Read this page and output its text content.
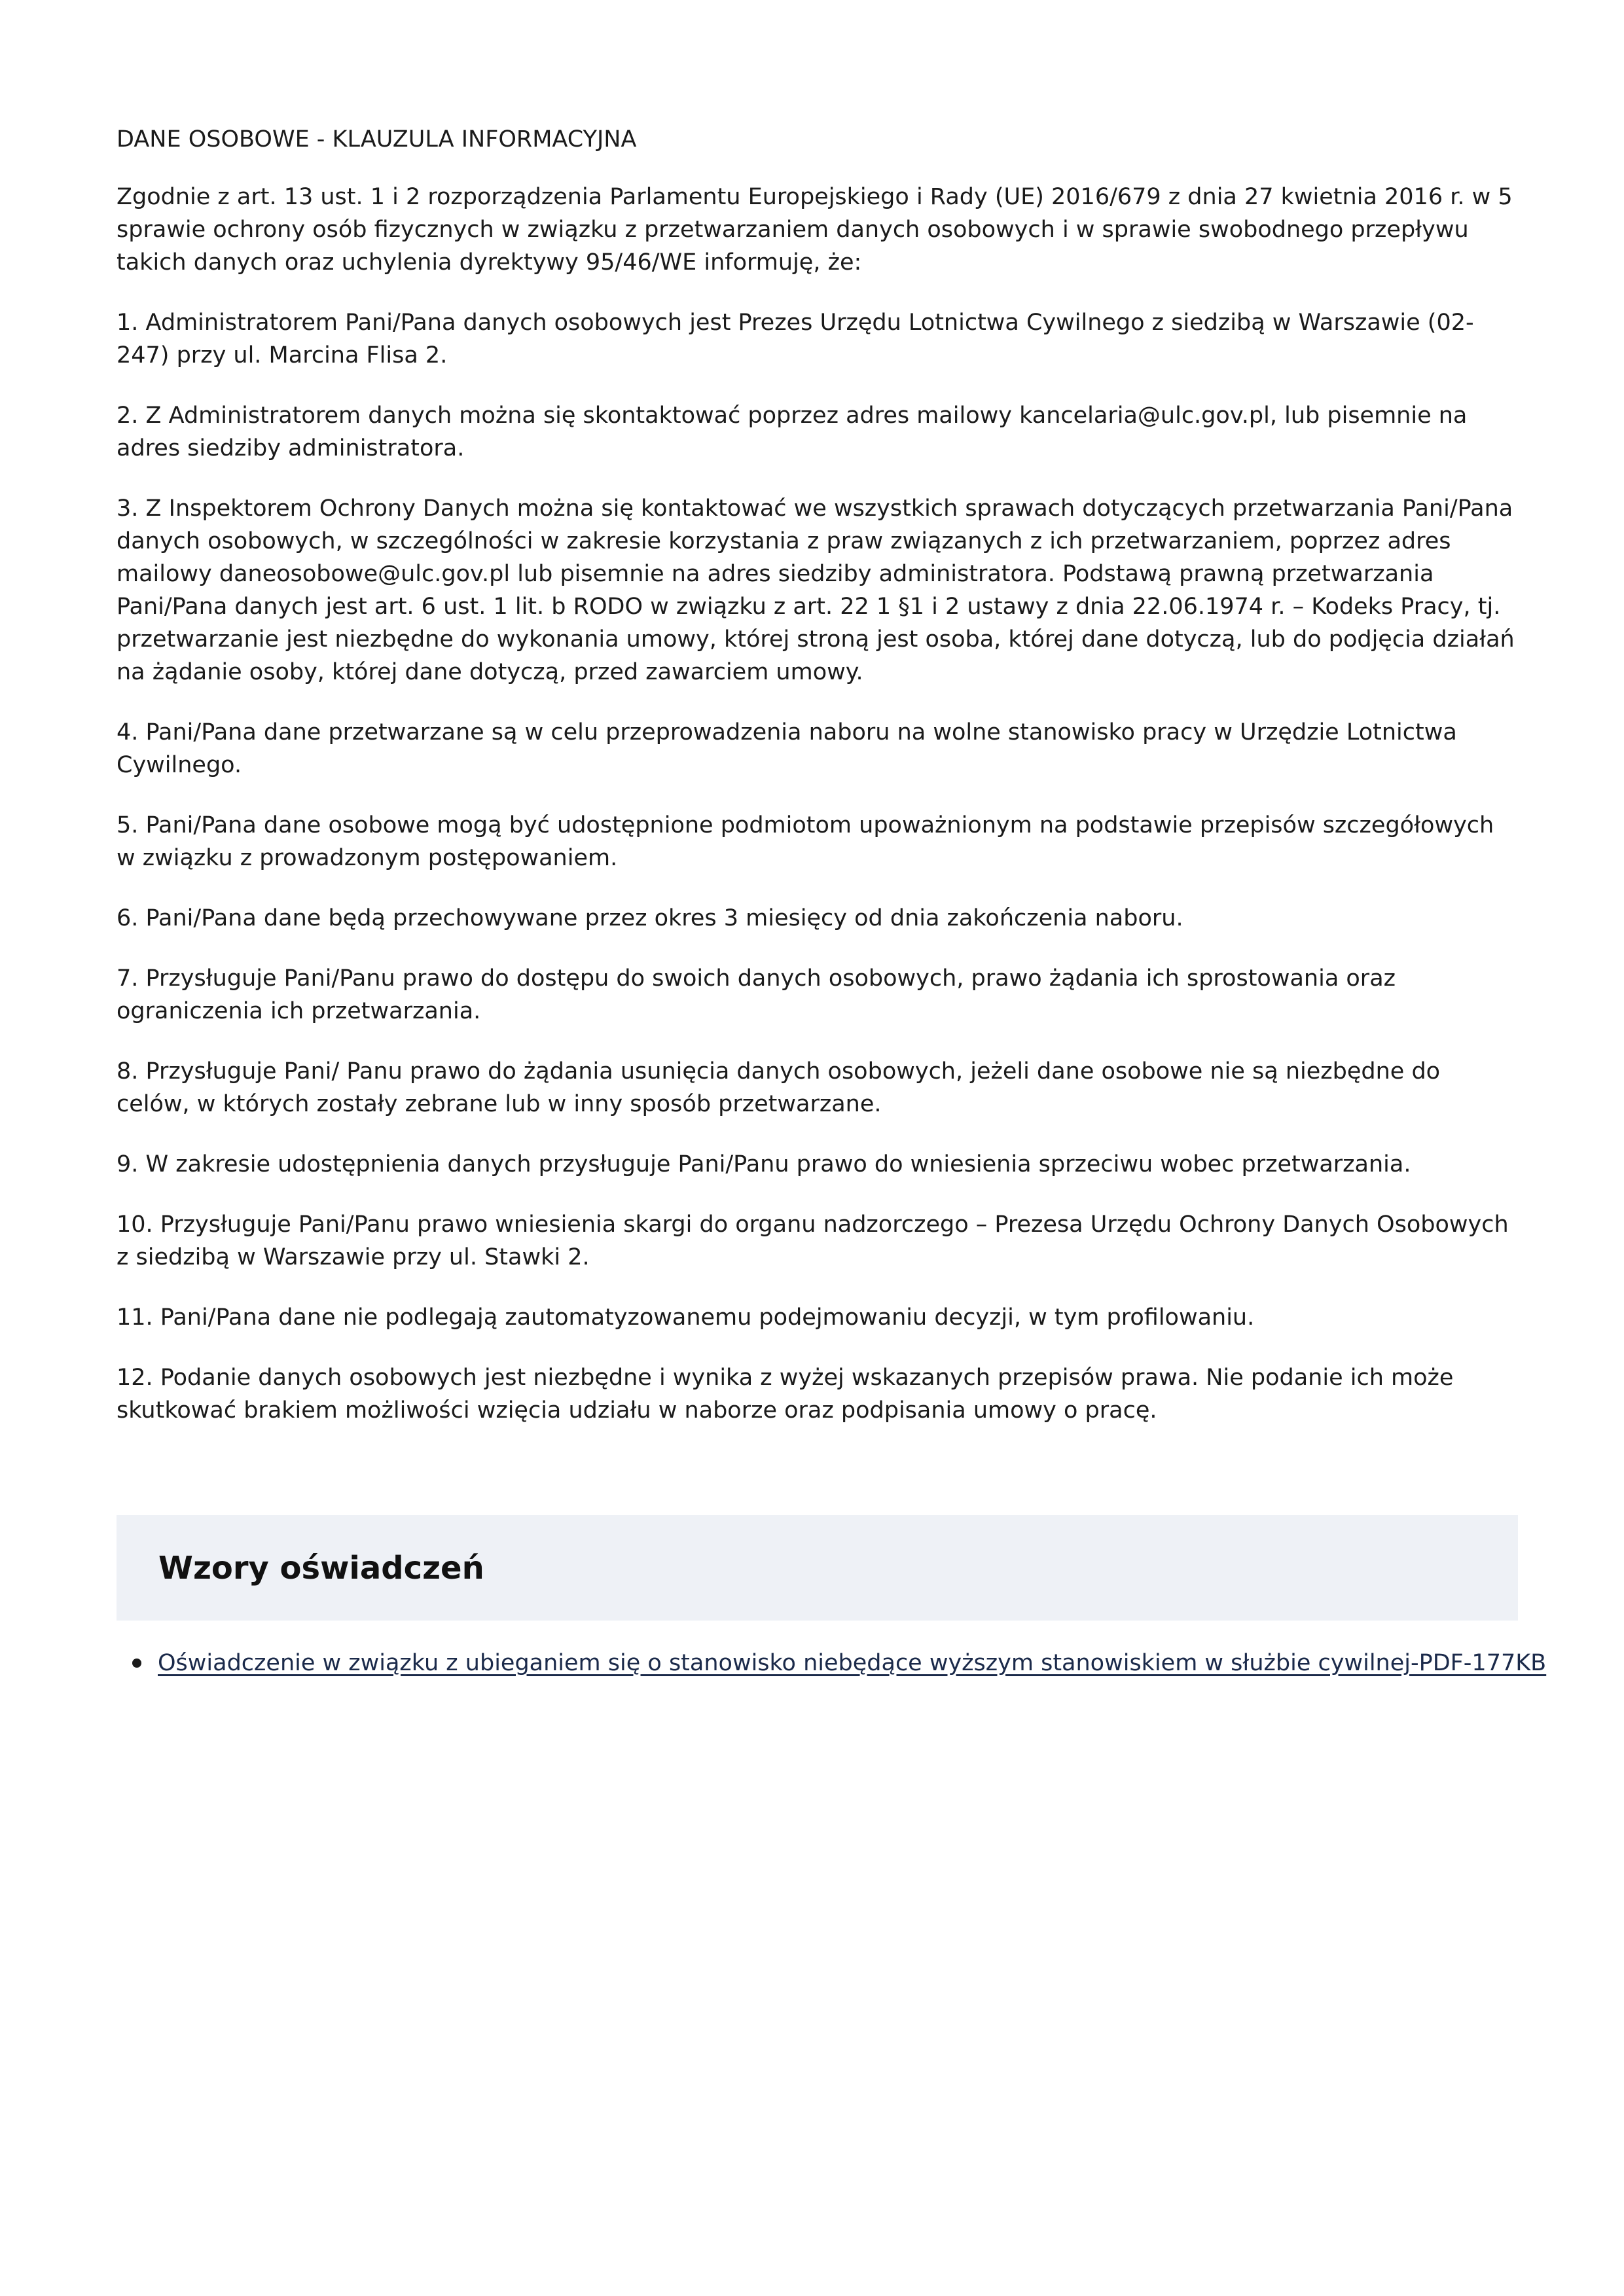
DANE OSOBOWE - KLAUZULA INFORMACYJNA

Zgodnie z art. 13 ust. 1 i 2 rozporządzenia Parlamentu Europejskiego i Rady (UE) 2016/679 z dnia 27 kwietnia 2016 r. w 5 sprawie ochrony osób fizycznych w związku z przetwarzaniem danych osobowych i w sprawie swobodnego przepływu takich danych oraz uchylenia dyrektywy 95/46/WE informuję, że:

1. Administratorem Pani/Pana danych osobowych jest Prezes Urzędu Lotnictwa Cywilnego z siedzibą w Warszawie (02-247) przy ul. Marcina Flisa 2.

2. Z Administratorem danych można się skontaktować poprzez adres mailowy kancelaria@ulc.gov.pl, lub pisemnie na adres siedziby administratora.

3. Z Inspektorem Ochrony Danych można się kontaktować we wszystkich sprawach dotyczących przetwarzania Pani/Pana danych osobowych, w szczególności w zakresie korzystania z praw związanych z ich przetwarzaniem, poprzez adres mailowy daneosobowe@ulc.gov.pl lub pisemnie na adres siedziby administratora. Podstawą prawną przetwarzania Pani/Pana danych jest art. 6 ust. 1 lit. b RODO w związku z art. 22 1 §1 i 2 ustawy z dnia 22.06.1974 r. – Kodeks Pracy, tj. przetwarzanie jest niezbędne do wykonania umowy, której stroną jest osoba, której dane dotyczą, lub do podjęcia działań na żądanie osoby, której dane dotyczą, przed zawarciem umowy.

4. Pani/Pana dane przetwarzane są w celu przeprowadzenia naboru na wolne stanowisko pracy w Urzędzie Lotnictwa Cywilnego.

5. Pani/Pana dane osobowe mogą być udostępnione podmiotom upoważnionym na podstawie przepisów szczegółowych w związku z prowadzonym postępowaniem.

6. Pani/Pana dane będą przechowywane przez okres 3 miesięcy od dnia zakończenia naboru.

7. Przysługuje Pani/Panu prawo do dostępu do swoich danych osobowych, prawo żądania ich sprostowania oraz ograniczenia ich przetwarzania.

8. Przysługuje Pani/ Panu prawo do żądania usunięcia danych osobowych, jeżeli dane osobowe nie są niezbędne do celów, w których zostały zebrane lub w inny sposób przetwarzane.

9. W zakresie udostępnienia danych przysługuje Pani/Panu prawo do wniesienia sprzeciwu wobec przetwarzania.

10. Przysługuje Pani/Panu prawo wniesienia skargi do organu nadzorczego – Prezesa Urzędu Ochrony Danych Osobowych z siedzibą w Warszawie przy ul. Stawki 2.

11. Pani/Pana dane nie podlegają zautomatyzowanemu podejmowaniu decyzji, w tym profilowaniu.

12. Podanie danych osobowych jest niezbędne i wynika z wyżej wskazanych przepisów prawa. Nie podanie ich może skutkować brakiem możliwości wzięcia udziału w naborze oraz podpisania umowy o pracę.

Wzory oświadczeń
Oświadczenie w związku z ubieganiem się o stanowisko niebędące wyższym stanowiskiem w służbie cywilnej-PDF-177KB
